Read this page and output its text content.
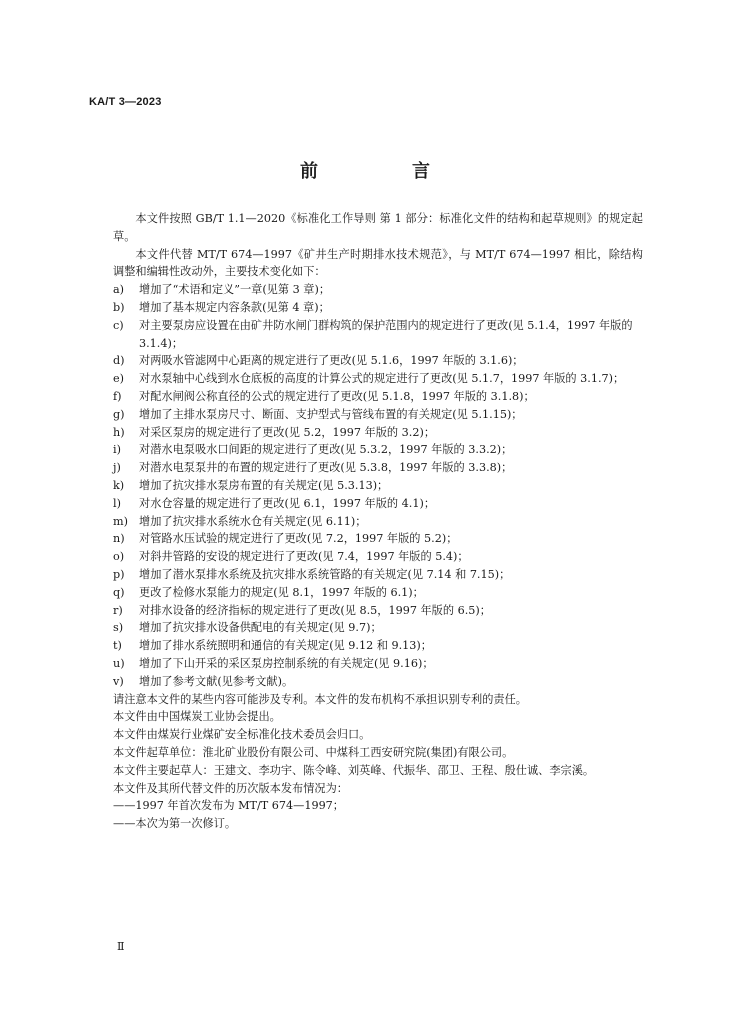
KA/T 3—2023
前　言

本文件按照 GB/T 1.1—2020《标准化工作导则 第 1 部分：标准化文件的结构和起草规则》的规定起草。

本文件代替 MT/T 674—1997《矿井生产时期排水技术规范》，与 MT/T 674—1997 相比，除结构调整和编辑性改动外，主要技术变化如下：

a)	增加了“术语和定义”一章(见第 3 章)；
b)	增加了基本规定内容条款(见第 4 章)；
c)	对主要泵房应设置在由矿井防水闸门群构筑的保护范围内的规定进行了更改(见 5.1.4，1997 年版的 3.1.4)；
d)	对两吸水管滤网中心距离的规定进行了更改(见 5.1.6，1997 年版的 3.1.6)；
e)	对水泵轴中心线到水仓底板的高度的计算公式的规定进行了更改(见 5.1.7，1997 年版的 3.1.7)；
f)	对配水闸阀公称直径的公式的规定进行了更改(见 5.1.8，1997 年版的 3.1.8)；
g)	增加了主排水泵房尺寸、断面、支护型式与管线布置的有关规定(见 5.1.15)；
h)	对采区泵房的规定进行了更改(见 5.2，1997 年版的 3.2)；
i)	对潜水电泵吸水口间距的规定进行了更改(见 5.3.2，1997 年版的 3.3.2)；
j)	对潜水电泵泵井的布置的规定进行了更改(见 5.3.8，1997 年版的 3.3.8)；
k)	增加了抗灾排水泵房布置的有关规定(见 5.3.13)；
l)	对水仓容量的规定进行了更改(见 6.1，1997 年版的 4.1)；
m) 增加了抗灾排水系统水仓有关规定(见 6.11)；
n)	对管路水压试验的规定进行了更改(见 7.2，1997 年版的 5.2)；
o)	对斜井管路的安设的规定进行了更改(见 7.4，1997 年版的 5.4)；
p)	增加了潜水泵排水系统及抗灾排水系统管路的有关规定(见 7.14 和 7.15)；
q)	更改了检修水泵能力的规定(见 8.1，1997 年版的 6.1)；
r)	对排水设备的经济指标的规定进行了更改(见 8.5，1997 年版的 6.5)；
s)	增加了抗灾排水设备供配电的有关规定(见 9.7)；
t)	增加了排水系统照明和通信的有关规定(见 9.12 和 9.13)；
u)	增加了下山开采的采区泵房控制系统的有关规定(见 9.16)；
v)	增加了参考文献(见参考文献)。

请注意本文件的某些内容可能涉及专利。本文件的发布机构不承担识别专利的责任。

本文件由中国煤炭工业协会提出。

本文件由煤炭行业煤矿安全标准化技术委员会归口。

本文件起草单位：淮北矿业股份有限公司、中煤科工西安研究院(集团)有限公司。

本文件主要起草人：王建文、李功宇、陈令峰、刘英峰、代振华、邵卫、王程、殷仕诚、李宗溪。

本文件及其所代替文件的历次版本发布情况为：

——1997 年首次发布为 MT/T 674—1997；

——本次为第一次修订。

Ⅱ
